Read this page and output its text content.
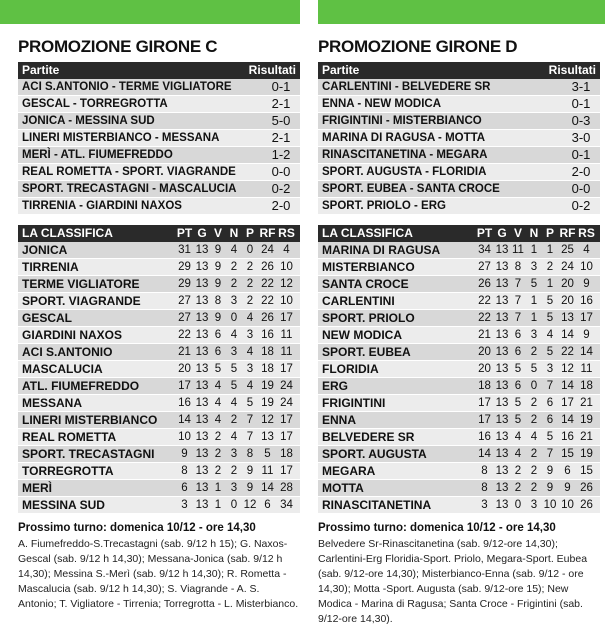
PROMOZIONE GIRONE C
Partite	Risultati
ACI S.ANTONIO - TERME VIGLIATORE	0-1
GESCAL - TORREGROTTA	2-1
JONICA - MESSINA SUD	5-0
LINERI MISTERBIANCO - MESSANA	2-1
MERÌ - ATL. FIUMEFREDDO	1-2
REAL ROMETTA - SPORT. VIAGRANDE	0-0
SPORT. TRECASTAGNI - MASCALUCIA	0-2
TIRRENIA - GIARDINI NAXOS	2-0
LA CLASSIFICA	PT G V N P RF RS
JONICA	31 13 9 4 0 24 4
TIRRENIA	29 13 9 2 2 26 10
TERME VIGLIATORE	29 13 9 2 2 22 12
SPORT. VIAGRANDE	27 13 8 3 2 22 10
GESCAL	27 13 9 0 4 26 17
GIARDINI NAXOS	22 13 6 4 3 16 11
ACI S.ANTONIO	21 13 6 3 4 18 11
MASCALUCIA	20 13 5 5 3 18 17
ATL. FIUMEFREDDO	17 13 4 5 4 19 24
MESSANA	16 13 4 4 5 19 24
LINERI MISTERBIANCO	14 13 4 2 7 12 17
REAL ROMETTA	10 13 2 4 7 13 17
SPORT. TRECASTAGNI	9 13 2 3 8 5 18
TORREGROTTA	8 13 2 2 9 11 17
MERÌ	6 13 1 3 9 14 28
MESSINA SUD	3 13 1 0 12 6 34
Prossimo turno: domenica 10/12 - ore 14,30
A. Fiumefreddo-S.Trecastagni (sab. 9/12 h 15); G. Naxos-Gescal (sab. 9/12 h 14,30); Messana-Jonica (sab. 9/12 h 14,30); Messina S.-Merì (sab. 9/12 h 14,30); R. Rometta - Mascalucia (sab. 9/12 h 14,30); S. Viagrande - A. S. Antonio; T. Vigliatore - Tirrenia; Torregrotta - L. Misterbianco.
PROMOZIONE GIRONE D
Partite	Risultati
CARLENTINI - BELVEDERE SR	3-1
ENNA - NEW MODICA	0-1
FRIGINTINI - MISTERBIANCO	0-3
MARINA DI RAGUSA - MOTTA	3-0
RINASCITANETINA - MEGARA	0-1
SPORT. AUGUSTA - FLORIDIA	2-0
SPORT. EUBEA - SANTA CROCE	0-0
SPORT. PRIOLO - ERG	0-2
LA CLASSIFICA	PT G V N P RF RS
MARINA DI RAGUSA	34 13 11 1 1 25 4
MISTERBIANCO	27 13 8 3 2 24 10
SANTA CROCE	26 13 7 5 1 20 9
CARLENTINI	22 13 7 1 5 20 16
SPORT. PRIOLO	22 13 7 1 5 13 17
NEW MODICA	21 13 6 3 4 14 9
SPORT. EUBEA	20 13 6 2 5 22 14
FLORIDIA	20 13 5 5 3 12 11
ERG	18 13 6 0 7 14 18
FRIGINTINI	17 13 5 2 6 17 21
ENNA	17 13 5 2 6 14 19
BELVEDERE SR	16 13 4 4 5 16 21
SPORT. AUGUSTA	14 13 4 2 7 15 19
MEGARA	8 13 2 2 9 6 15
MOTTA	8 13 2 2 9 9 26
RINASCITANETINA	3 13 0 3 10 10 26
Prossimo turno: domenica 10/12 - ore 14,30
Belvedere Sr-Rinascitanetina (sab. 9/12-ore 14,30); Carlentini-Erg Floridia-Sport. Priolo, Megara-Sport. Eubea (sab. 9/12-ore 14,30); Misterbianco-Enna (sab. 9/12 - ore 14,30); Motta -Sport. Augusta (sab. 9/12-ore 15); New Modica - Marina di Ragusa; Santa Croce - Frigintini (sab. 9/12-ore 14,30).
